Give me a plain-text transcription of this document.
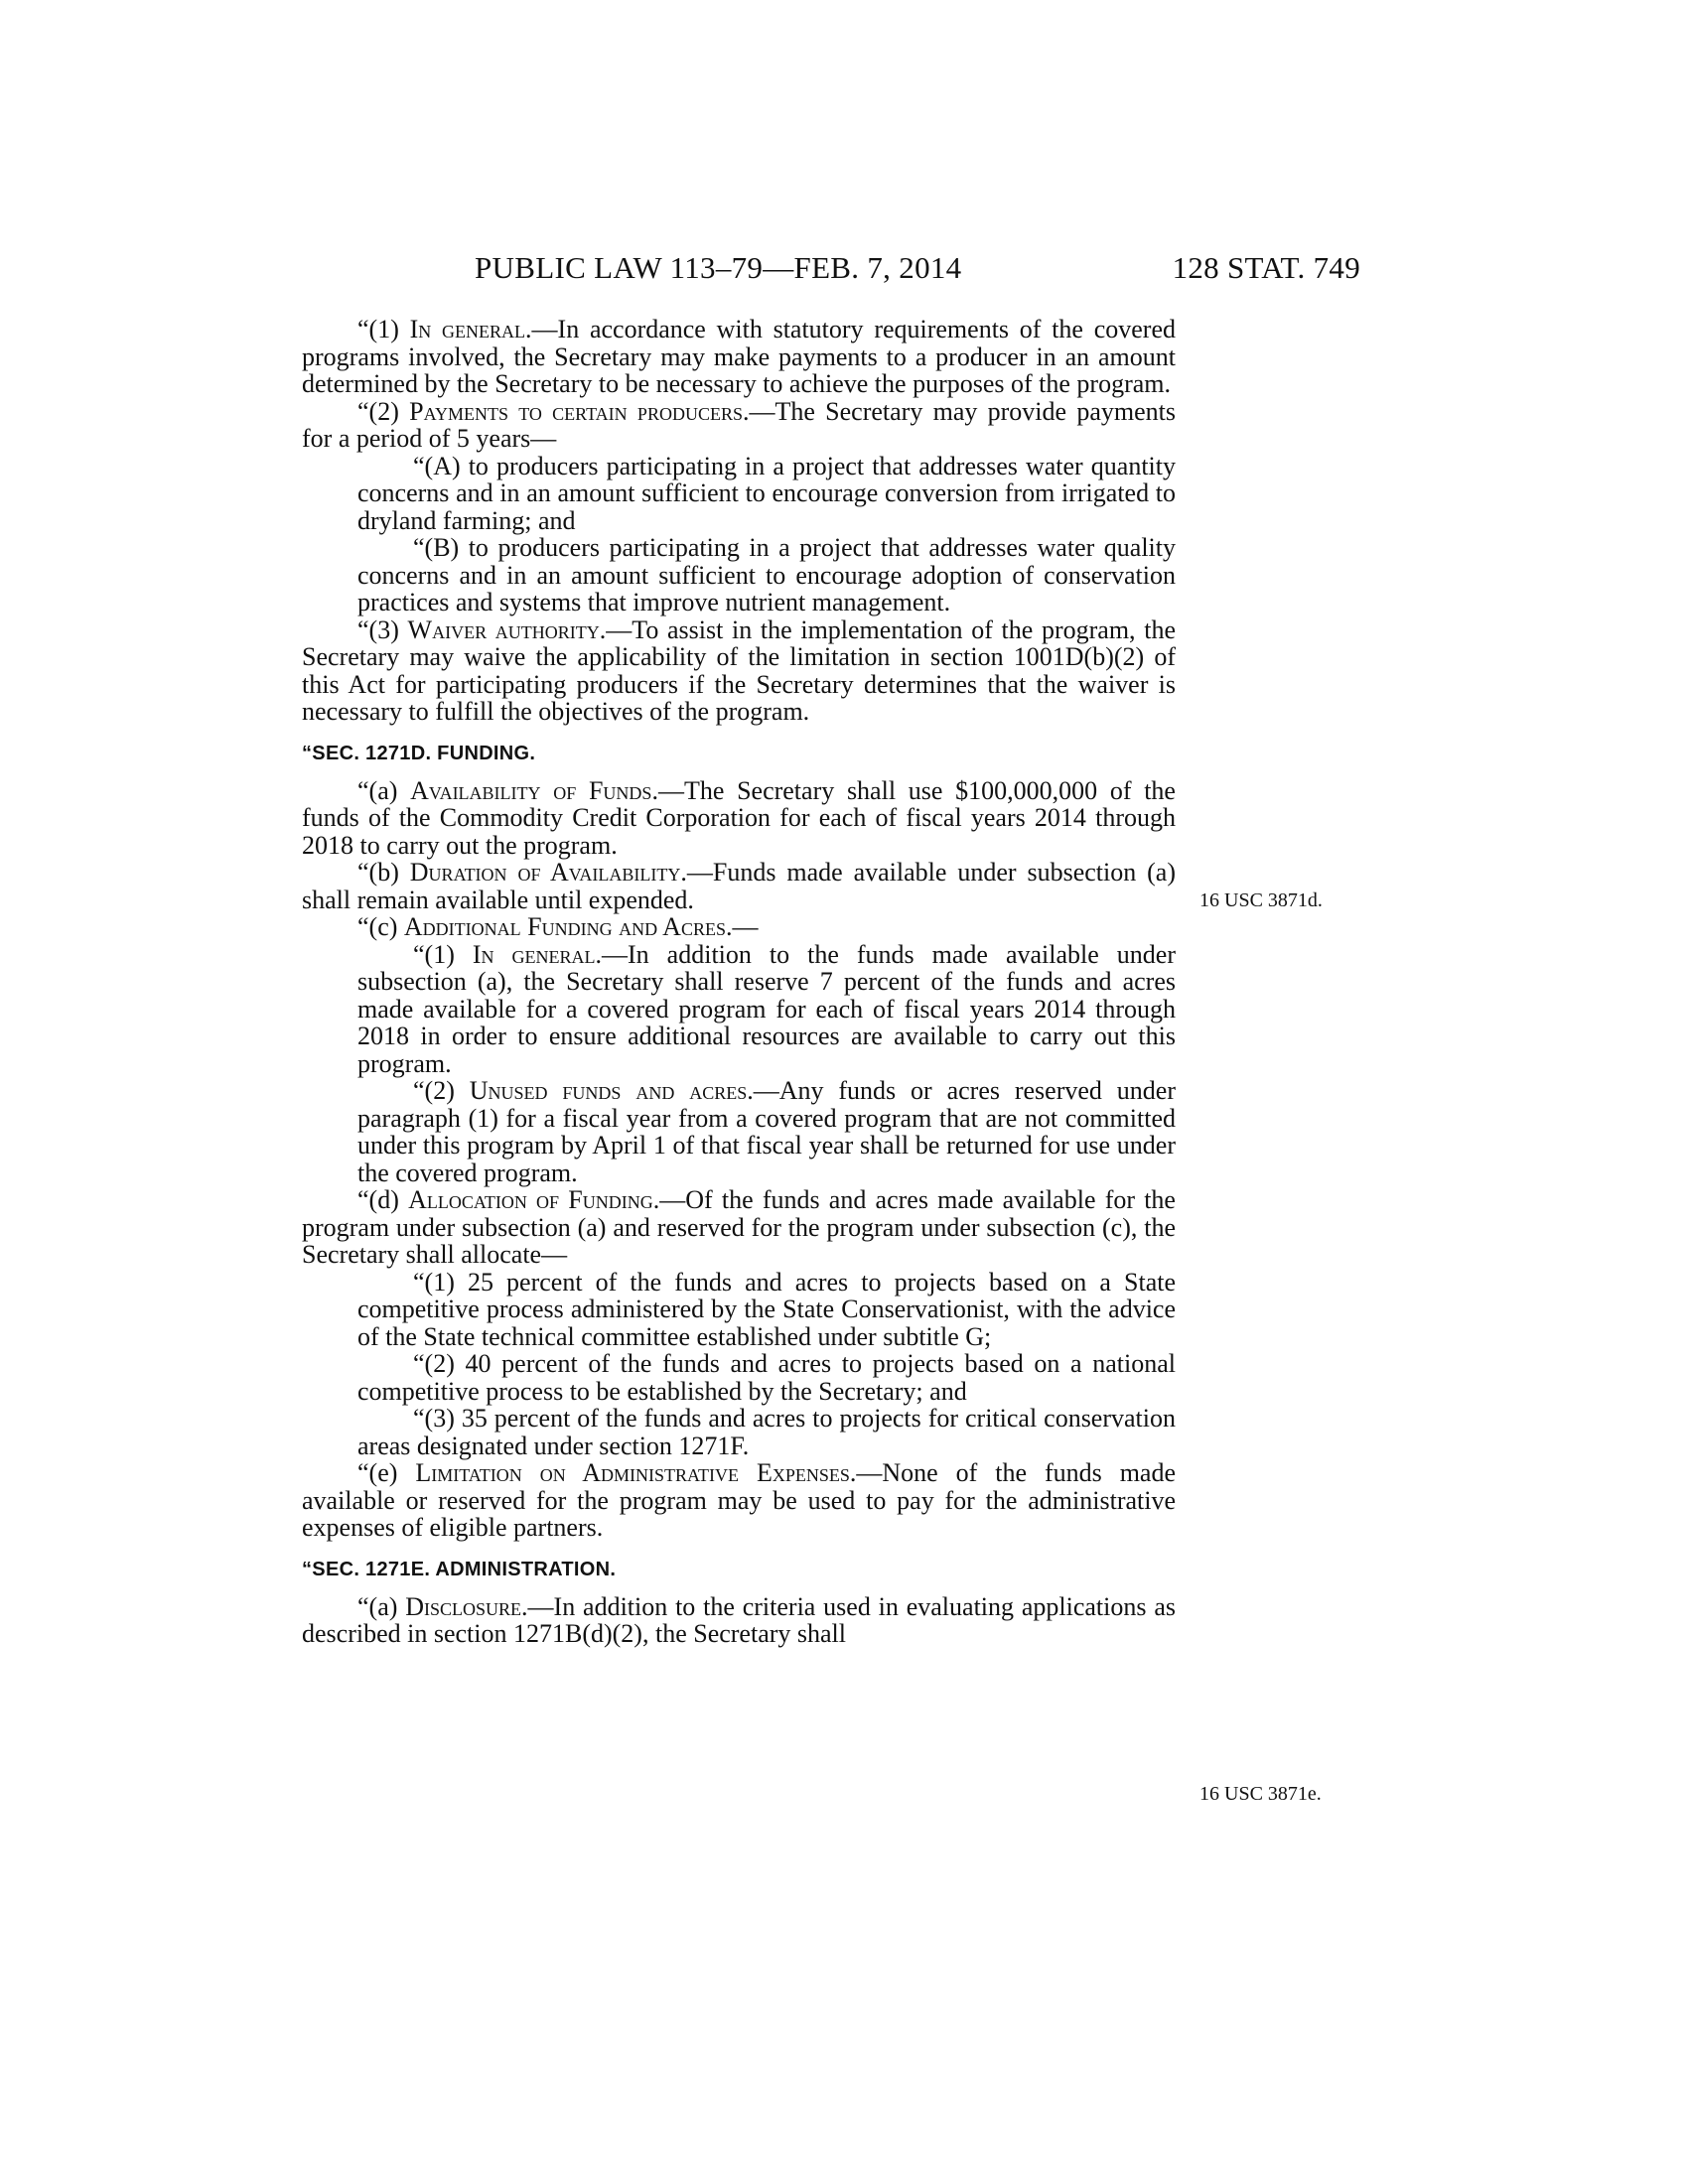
PUBLIC LAW 113–79—FEB. 7, 2014	128 STAT. 749

“(1) In general.—In accordance with statutory requirements of the covered programs involved, the Secretary may make payments to a producer in an amount determined by the Secretary to be necessary to achieve the purposes of the program.

“(2) Payments to certain producers.—The Secretary may provide payments for a period of 5 years—

“(A) to producers participating in a project that addresses water quantity concerns and in an amount sufficient to encourage conversion from irrigated to dryland farming; and

“(B) to producers participating in a project that addresses water quality concerns and in an amount sufficient to encourage adoption of conservation practices and systems that improve nutrient management.

“(3) Waiver authority.—To assist in the implementation of the program, the Secretary may waive the applicability of the limitation in section 1001D(b)(2) of this Act for participating producers if the Secretary determines that the waiver is necessary to fulfill the objectives of the program.

“SEC. 1271D. FUNDING.

“(a) Availability of Funds.—The Secretary shall use $100,000,000 of the funds of the Commodity Credit Corporation for each of fiscal years 2014 through 2018 to carry out the program.

“(b) Duration of Availability.—Funds made available under subsection (a) shall remain available until expended.

“(c) Additional Funding and Acres.—

“(1) In general.—In addition to the funds made available under subsection (a), the Secretary shall reserve 7 percent of the funds and acres made available for a covered program for each of fiscal years 2014 through 2018 in order to ensure additional resources are available to carry out this program.

“(2) Unused funds and acres.—Any funds or acres reserved under paragraph (1) for a fiscal year from a covered program that are not committed under this program by April 1 of that fiscal year shall be returned for use under the covered program.

“(d) Allocation of Funding.—Of the funds and acres made available for the program under subsection (a) and reserved for the program under subsection (c), the Secretary shall allocate—

“(1) 25 percent of the funds and acres to projects based on a State competitive process administered by the State Conservationist, with the advice of the State technical committee established under subtitle G;

“(2) 40 percent of the funds and acres to projects based on a national competitive process to be established by the Secretary; and

“(3) 35 percent of the funds and acres to projects for critical conservation areas designated under section 1271F.

“(e) Limitation on Administrative Expenses.—None of the funds made available or reserved for the program may be used to pay for the administrative expenses of eligible partners.

“SEC. 1271E. ADMINISTRATION.

“(a) Disclosure.—In addition to the criteria used in evaluating applications as described in section 1271B(d)(2), the Secretary shall

16 USC 3871d.
16 USC 3871e.
